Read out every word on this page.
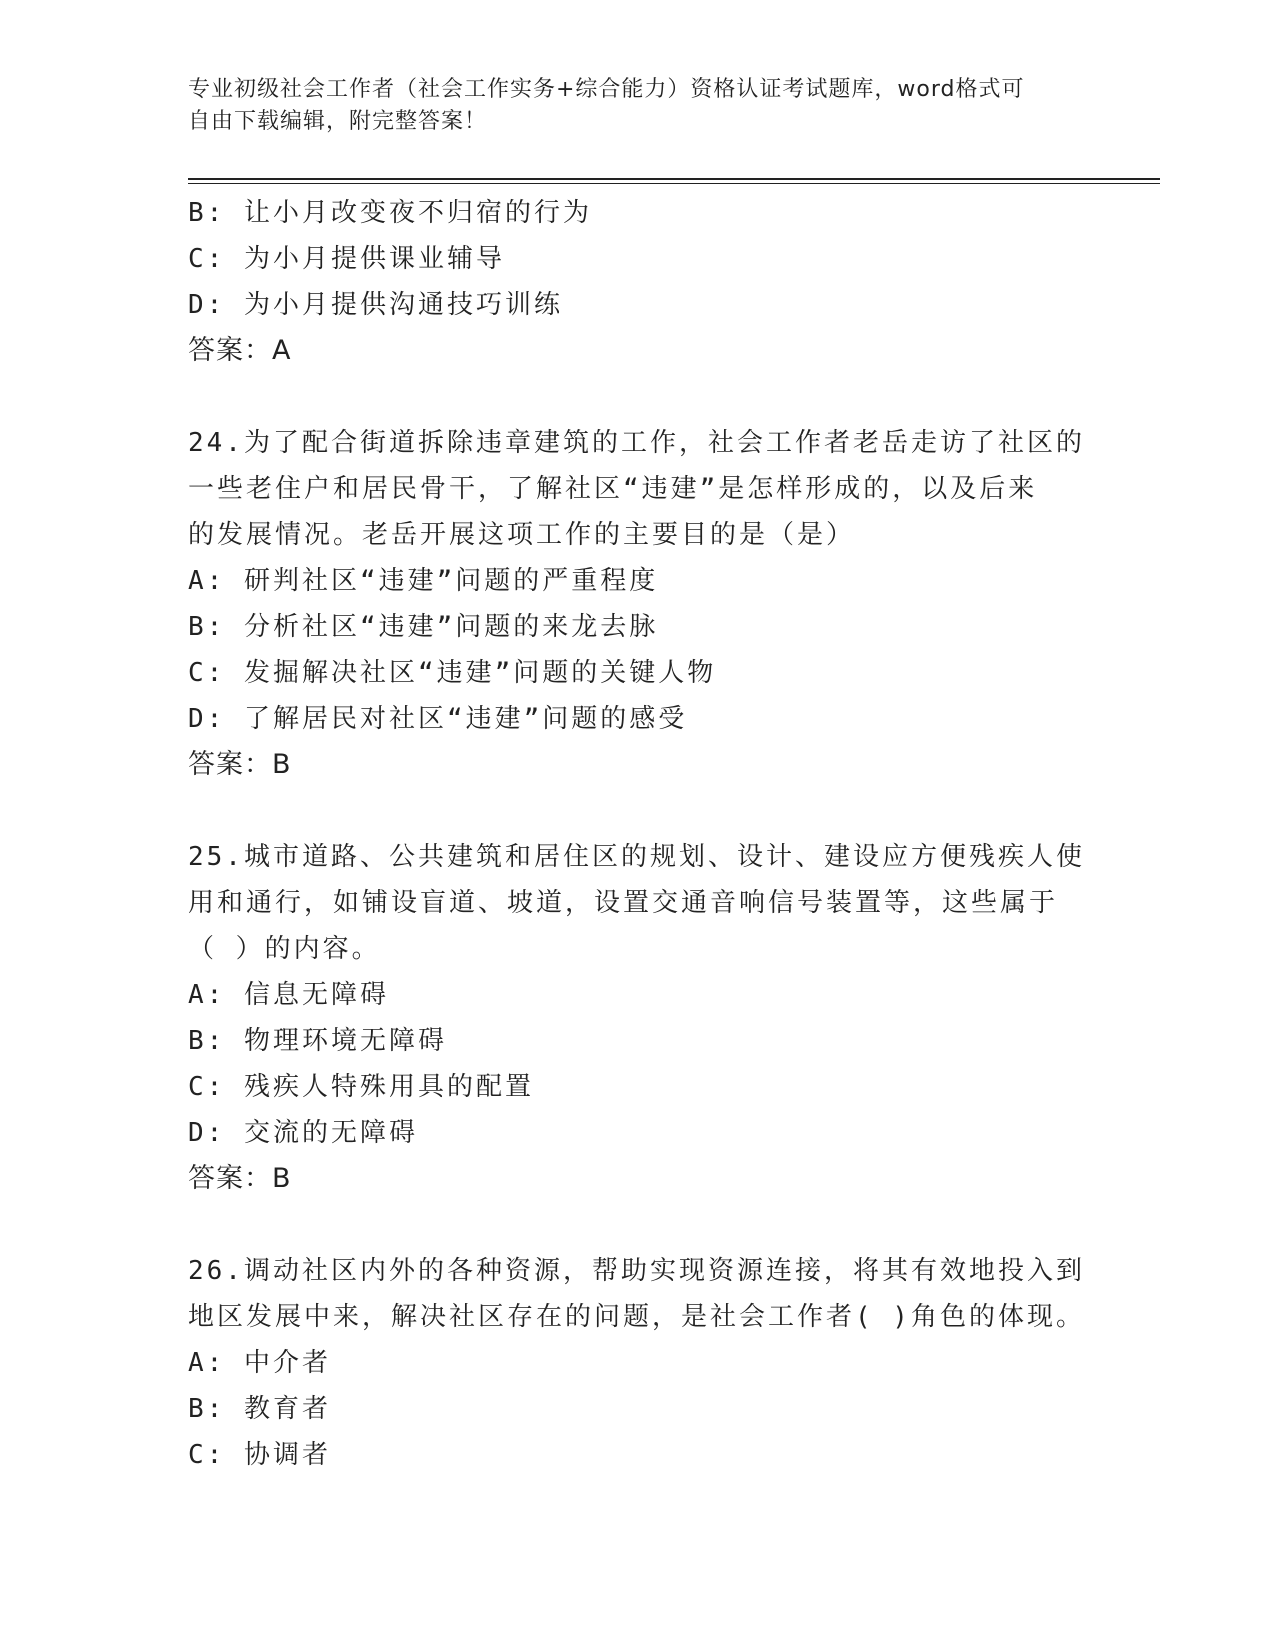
专业初级社会工作者（社会工作实务+综合能力）资格认证考试题库，word格式可
自由下载编辑，附完整答案！
B: 让小月改变夜不归宿的行为
C: 为小月提供课业辅导
D: 为小月提供沟通技巧训练
答案：A
24.为了配合街道拆除违章建筑的工作，社会工作者老岳走访了社区的
一些老住户和居民骨干，了解社区“违建”是怎样形成的，以及后来
的发展情况。老岳开展这项工作的主要目的是（是）
A: 研判社区“违建”问题的严重程度
B: 分析社区“违建”问题的来龙去脉
C: 发掘解决社区“违建”问题的关键人物
D: 了解居民对社区“违建”问题的感受
答案：B
25.城市道路、公共建筑和居住区的规划、设计、建设应方便残疾人使
用和通行，如铺设盲道、坡道，设置交通音响信号装置等，这些属于
（ ）的内容。
A: 信息无障碍
B: 物理环境无障碍
C: 残疾人特殊用具的配置
D: 交流的无障碍
答案：B
26.调动社区内外的各种资源，帮助实现资源连接，将其有效地投入到
地区发展中来，解决社区存在的问题，是社会工作者( )角色的体现。
A: 中介者
B: 教育者
C: 协调者
